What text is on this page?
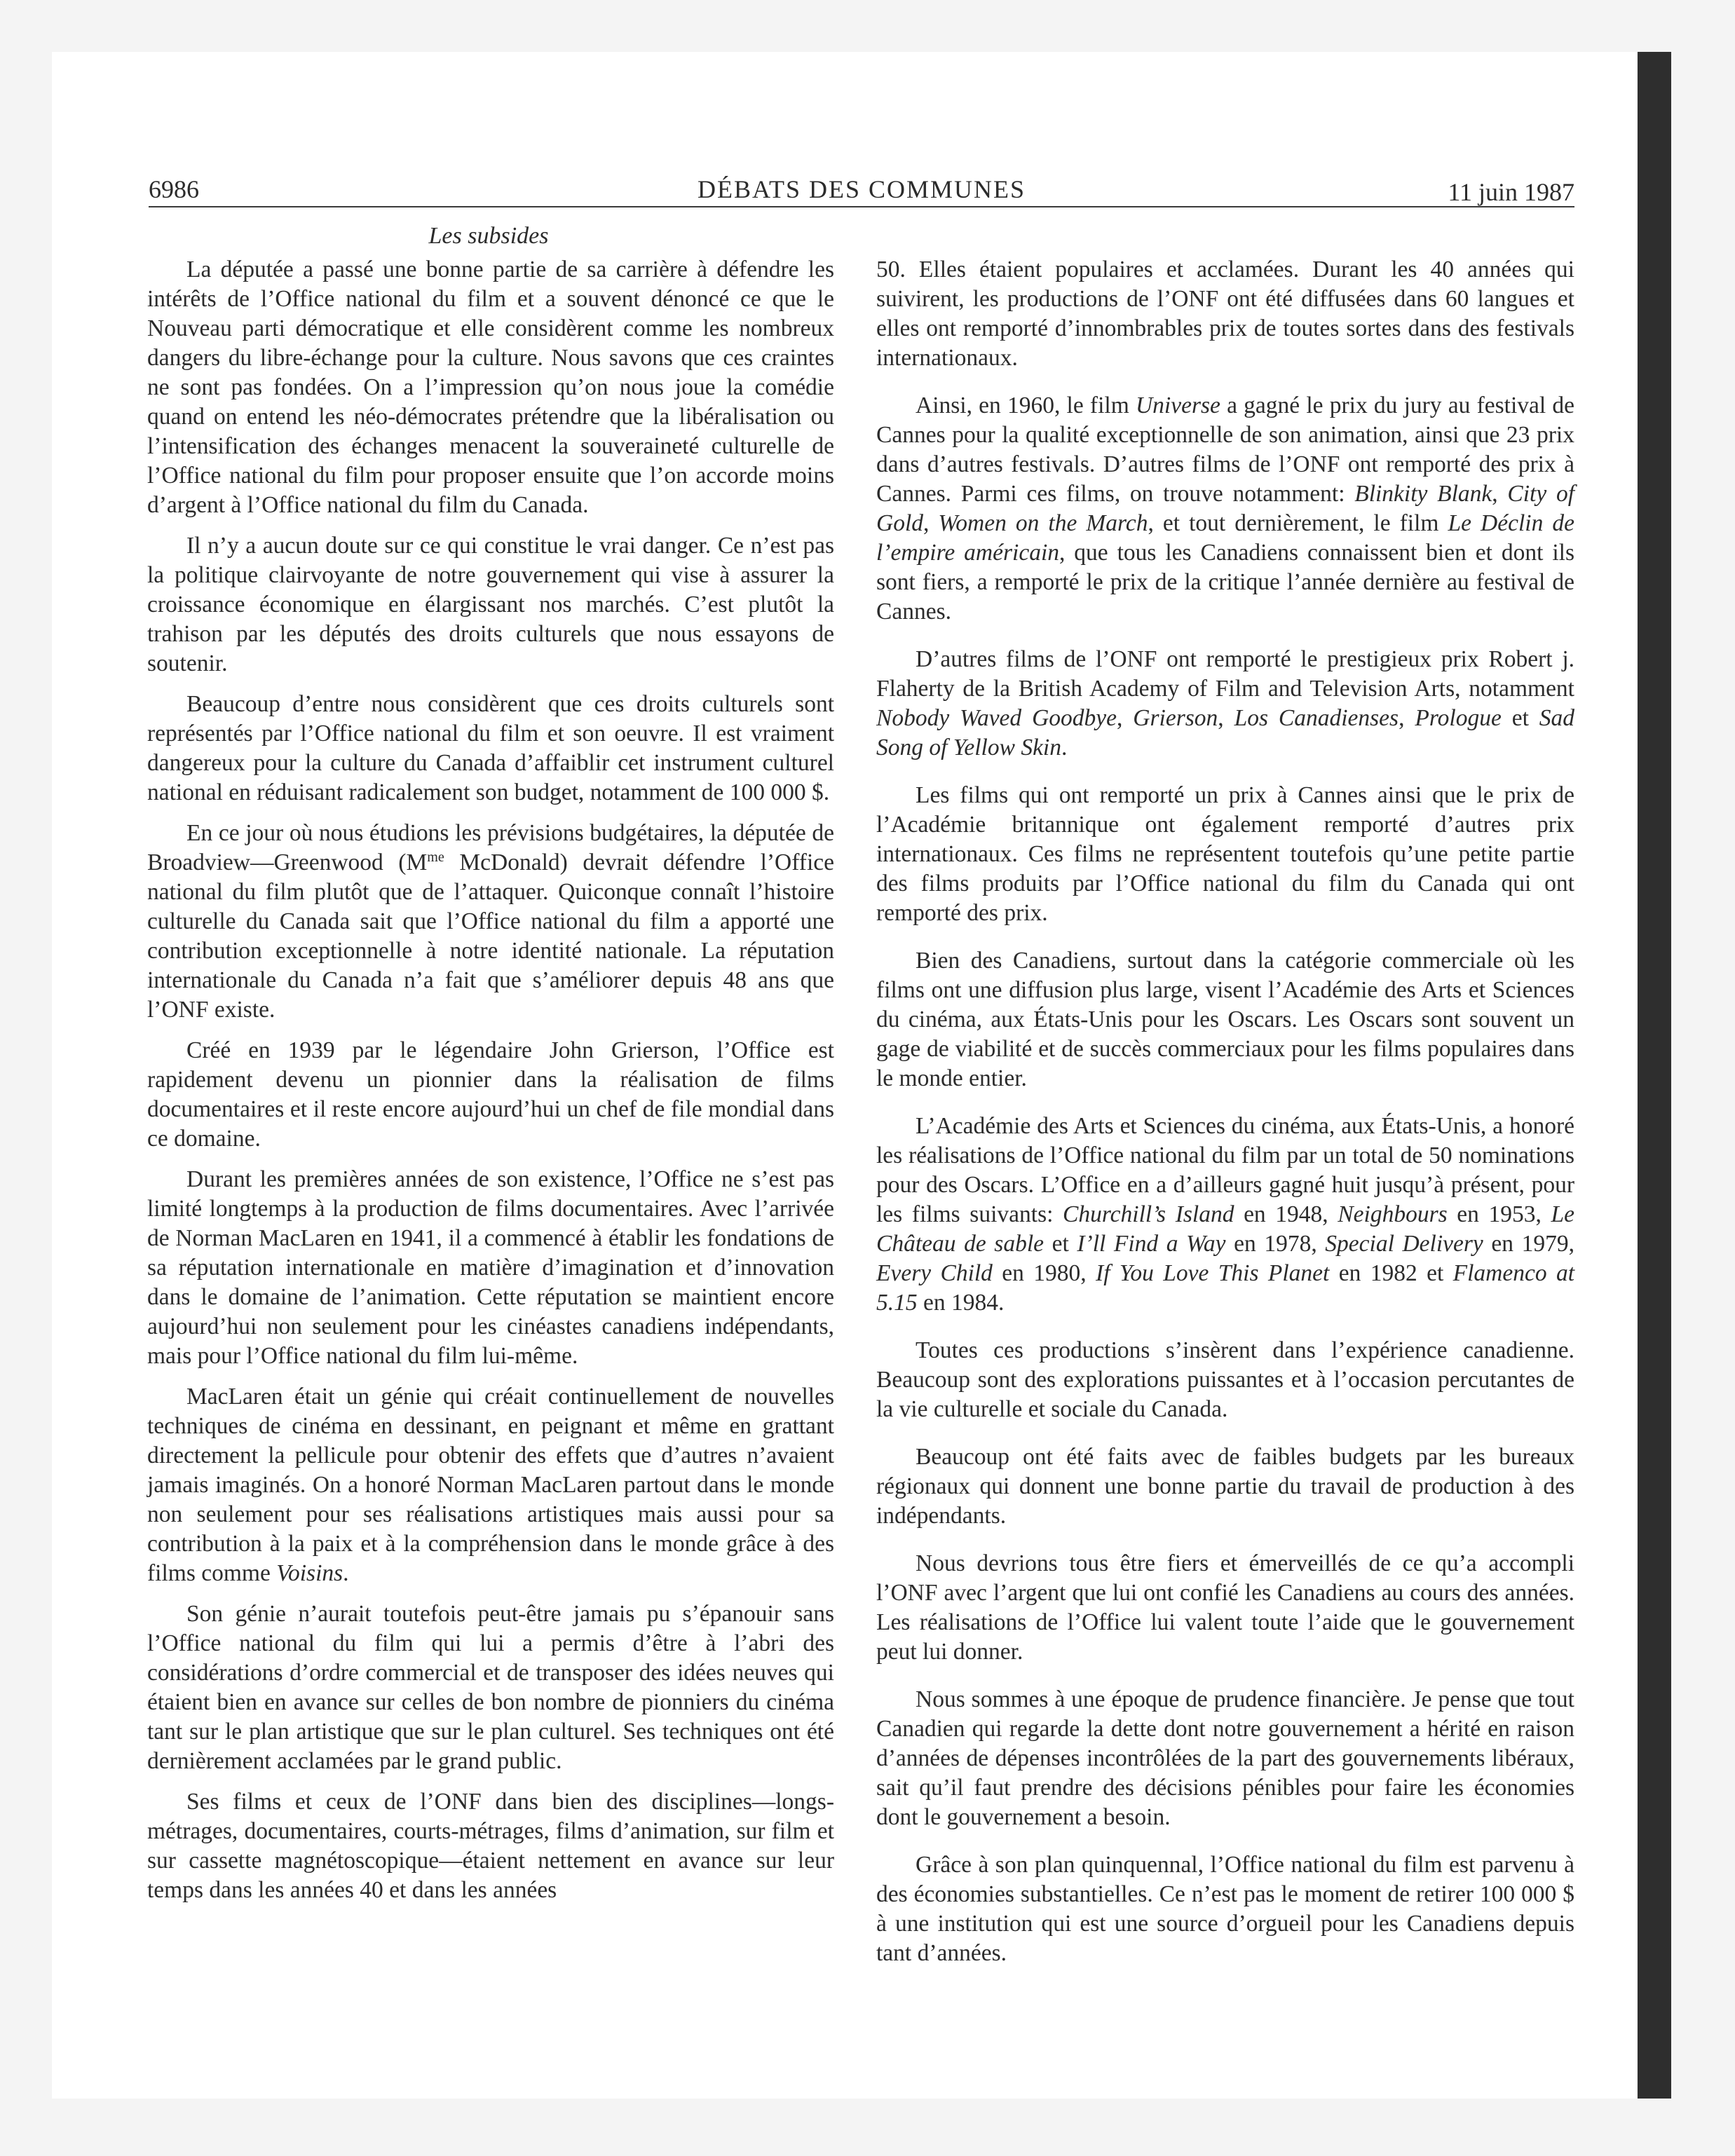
6986	DÉBATS DES COMMUNES	11 juin 1987
Les subsides

La députée a passé une bonne partie de sa carrière à défendre les intérêts de l’Office national du film et a souvent dénoncé ce que le Nouveau parti démocratique et elle considèrent comme les nombreux dangers du libre-échange pour la culture. Nous savons que ces craintes ne sont pas fondées. On a l’impression qu’on nous joue la comédie quand on entend les néo-démocrates prétendre que la libéralisation ou l’intensification des échanges menacent la souveraineté culturelle de l’Office national du film pour proposer ensuite que l’on accorde moins d’argent à l’Office national du film du Canada.

Il n’y a aucun doute sur ce qui constitue le vrai danger. Ce n’est pas la politique clairvoyante de notre gouvernement qui vise à assurer la croissance économique en élargissant nos marchés. C’est plutôt la trahison par les députés des droits culturels que nous essayons de soutenir.

Beaucoup d’entre nous considèrent que ces droits culturels sont représentés par l’Office national du film et son oeuvre. Il est vraiment dangereux pour la culture du Canada d’affaiblir cet instrument culturel national en réduisant radicalement son budget, notamment de 100 000 $.

En ce jour où nous étudions les prévisions budgétaires, la députée de Broadview—Greenwood ($M^{me}$ McDonald) devrait défendre l’Office national du film plutôt que de l’attaquer. Quiconque connaît l’histoire culturelle du Canada sait que l’Office national du film a apporté une contribution exceptionnelle à notre identité nationale. La réputation internationale du Canada n’a fait que s’améliorer depuis 48 ans que l’ONF existe.

Créé en 1939 par le légendaire John Grierson, l’Office est rapidement devenu un pionnier dans la réalisation de films documentaires et il reste encore aujourd’hui un chef de file mondial dans ce domaine.

Durant les premières années de son existence, l’Office ne s’est pas limité longtemps à la production de films documentaires. Avec l’arrivée de Norman MacLaren en 1941, il a commencé à établir les fondations de sa réputation internationale en matière d’imagination et d’innovation dans le domaine de l’animation. Cette réputation se maintient encore aujourd’hui non seulement pour les cinéastes canadiens indépendants, mais pour l’Office national du film lui-même.

MacLaren était un génie qui créait continuellement de nouvelles techniques de cinéma en dessinant, en peignant et même en grattant directement la pellicule pour obtenir des effets que d’autres n’avaient jamais imaginés. On a honoré Norman MacLaren partout dans le monde non seulement pour ses réalisations artistiques mais aussi pour sa contribution à la paix et à la compréhension dans le monde grâce à des films comme Voisins.

Son génie n’aurait toutefois peut-être jamais pu s’épanouir sans l’Office national du film qui lui a permis d’être à l’abri des considérations d’ordre commercial et de transposer des idées neuves qui étaient bien en avance sur celles de bon nombre de pionniers du cinéma tant sur le plan artistique que sur le plan culturel. Ses techniques ont été dernièrement acclamées par le grand public.

Ses films et ceux de l’ONF dans bien des disciplines—longs-métrages, documentaires, courts-métrages, films d’animation, sur film et sur cassette magnétoscopique—étaient nettement en avance sur leur temps dans les années 40 et dans les années

50. Elles étaient populaires et acclamées. Durant les 40 années qui suivirent, les productions de l’ONF ont été diffusées dans 60 langues et elles ont remporté d’innombrables prix de toutes sortes dans des festivals internationaux.

Ainsi, en 1960, le film Universe a gagné le prix du jury au festival de Cannes pour la qualité exceptionnelle de son animation, ainsi que 23 prix dans d’autres festivals. D’autres films de l’ONF ont remporté des prix à Cannes. Parmi ces films, on trouve notamment: Blinkity Blank, City of Gold, Women on the March, et tout dernièrement, le film Le Déclin de l’empire américain, que tous les Canadiens connaissent bien et dont ils sont fiers, a remporté le prix de la critique l’année dernière au festival de Cannes.

D’autres films de l’ONF ont remporté le prestigieux prix Robert j. Flaherty de la British Academy of Film and Television Arts, notamment Nobody Waved Goodbye, Grierson, Los Canadienses, Prologue et Sad Song of Yellow Skin.

Les films qui ont remporté un prix à Cannes ainsi que le prix de l’Académie britannique ont également remporté d’autres prix internationaux. Ces films ne représentent toutefois qu’une petite partie des films produits par l’Office national du film du Canada qui ont remporté des prix.

Bien des Canadiens, surtout dans la catégorie commerciale où les films ont une diffusion plus large, visent l’Académie des Arts et Sciences du cinéma, aux États-Unis pour les Oscars. Les Oscars sont souvent un gage de viabilité et de succès commerciaux pour les films populaires dans le monde entier.

L’Académie des Arts et Sciences du cinéma, aux États-Unis, a honoré les réalisations de l’Office national du film par un total de 50 nominations pour des Oscars. L’Office en a d’ailleurs gagné huit jusqu’à présent, pour les films suivants: Churchill’s Island en 1948, Neighbours en 1953, Le Château de sable et I’ll Find a Way en 1978, Special Delivery en 1979, Every Child en 1980, If You Love This Planet en 1982 et Flamenco at 5.15 en 1984.

Toutes ces productions s’insèrent dans l’expérience canadienne. Beaucoup sont des explorations puissantes et à l’occasion percutantes de la vie culturelle et sociale du Canada.

Beaucoup ont été faits avec de faibles budgets par les bureaux régionaux qui donnent une bonne partie du travail de production à des indépendants.

Nous devrions tous être fiers et émerveillés de ce qu’a accompli l’ONF avec l’argent que lui ont confié les Canadiens au cours des années. Les réalisations de l’Office lui valent toute l’aide que le gouvernement peut lui donner.

Nous sommes à une époque de prudence financière. Je pense que tout Canadien qui regarde la dette dont notre gouvernement a hérité en raison d’années de dépenses incontrôlées de la part des gouvernements libéraux, sait qu’il faut prendre des décisions pénibles pour faire les économies dont le gouvernement a besoin.

Grâce à son plan quinquennal, l’Office national du film est parvenu à des économies substantielles. Ce n’est pas le moment de retirer 100 000 $ à une institution qui est une source d’orgueil pour les Canadiens depuis tant d’années.
